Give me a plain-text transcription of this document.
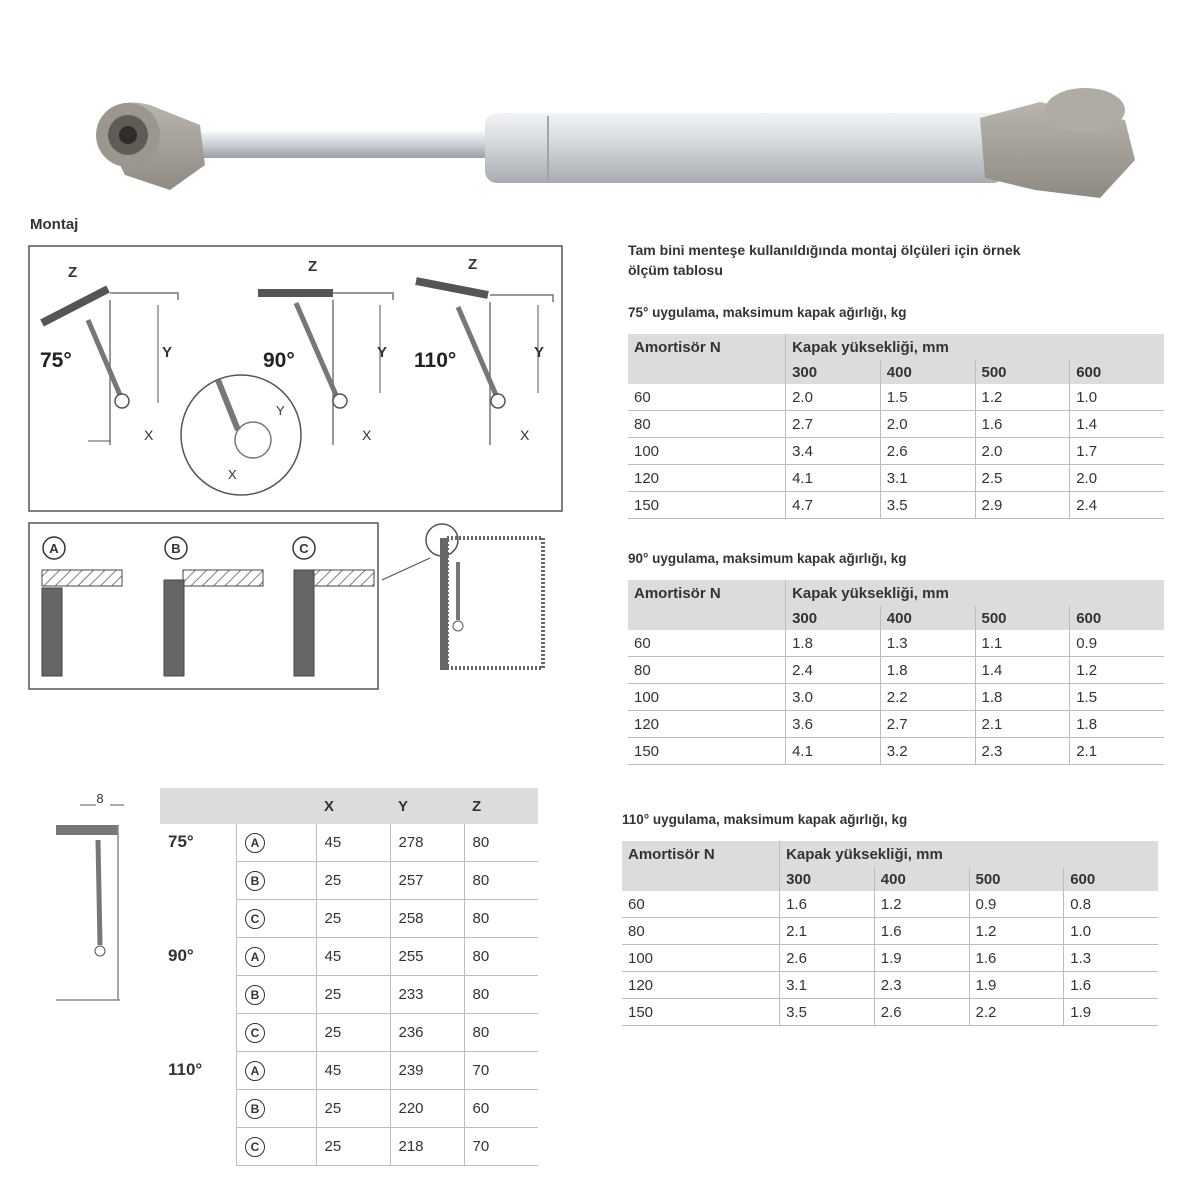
Montaj
Z
Y
X
75°
Z
Y
X
90°
Y
X
Z
Y
X
110°
A	B	C
8
		X	Y	Z
75°	A	45	278	80
	B	25	257	80
	C	25	258	80
90°	A	45	255	80
	B	25	233	80
	C	25	236	80
110°	A	45	239	70
	B	25	220	60
	C	25	218	70
Tam bini menteşe kullanıldığında montaj ölçüleri için örnek
ölçüm tablosu
75° uygulama, maksimum kapak ağırlığı, kg
Amortisör N	Kapak yüksekliği, mm			
	300	400	500	600
60	2.0	1.5	1.2	1.0
80	2.7	2.0	1.6	1.4
100	3.4	2.6	2.0	1.7
120	4.1	3.1	2.5	2.0
150	4.7	3.5	2.9	2.4
90° uygulama, maksimum kapak ağırlığı, kg
Amortisör N	Kapak yüksekliği, mm			
	300	400	500	600
60	1.8	1.3	1.1	0.9
80	2.4	1.8	1.4	1.2
100	3.0	2.2	1.8	1.5
120	3.6	2.7	2.1	1.8
150	4.1	3.2	2.3	2.1
110° uygulama, maksimum kapak ağırlığı, kg
Amortisör N	Kapak yüksekliği, mm			
	300	400	500	600
60	1.6	1.2	0.9	0.8
80	2.1	1.6	1.2	1.0
100	2.6	1.9	1.6	1.3
120	3.1	2.3	1.9	1.6
150	3.5	2.6	2.2	1.9
